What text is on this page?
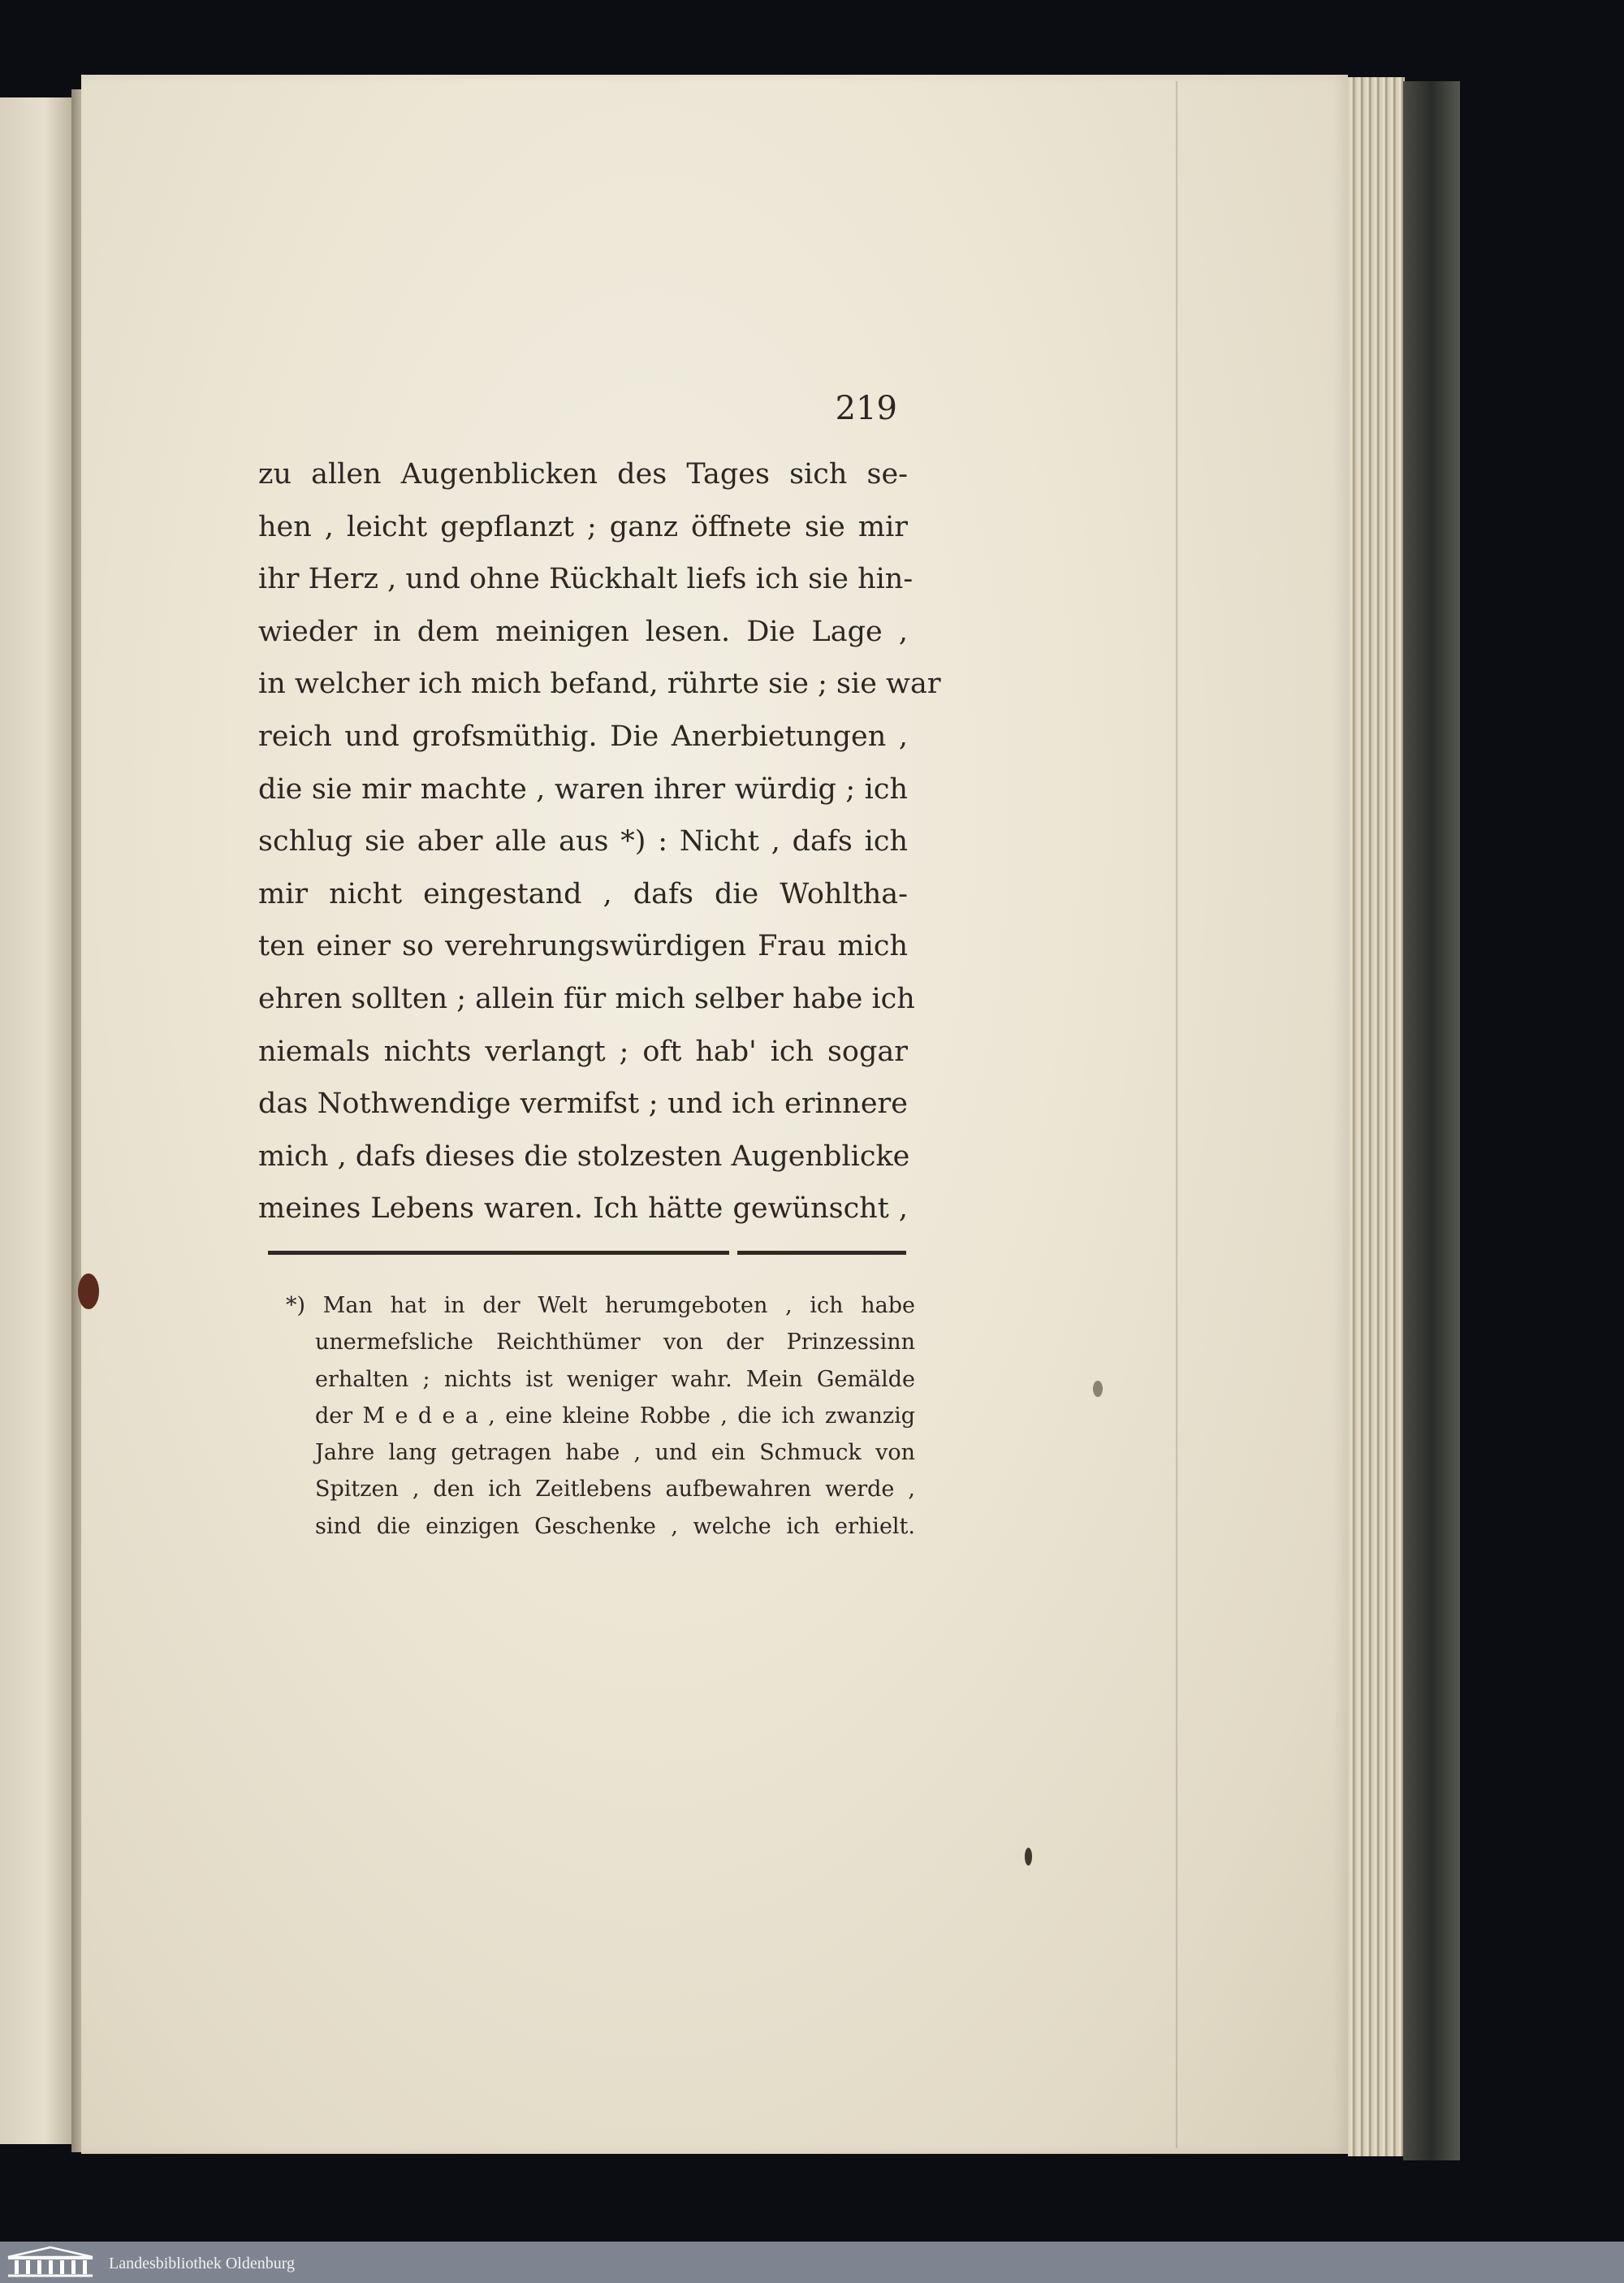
219

zu allen Augenblicken des Tages sich se-
hen , leicht gepflanzt ; ganz öffnete sie mir
ihr Herz , und ohne Rückhalt liefs ich sie hin-
wieder in dem meinigen lesen. Die Lage ,
in welcher ich mich befand, rührte sie ; sie war
reich und grofsmüthig. Die Anerbietungen ,
die sie mir machte , waren ihrer würdig ; ich
schlug sie aber alle aus *) : Nicht , dafs ich
mir nicht eingestand , dafs die Wohltha-
ten einer so verehrungswürdigen Frau mich
ehren sollten ; allein für mich selber habe ich
niemals nichts verlangt ; oft hab' ich sogar
das Nothwendige vermifst ; und ich erinnere
mich , dafs dieses die stolzesten Augenblicke
meines Lebens waren. Ich hätte gewünscht ,
*) Man hat in der Welt herumgeboten , ich habe
unermefsliche Reichthümer von der Prinzessinn
erhalten ; nichts ist weniger wahr. Mein Gemälde
der M e d e a , eine kleine Robbe , die ich zwanzig
Jahre lang getragen habe , und ein Schmuck von
Spitzen , den ich Zeitlebens aufbewahren werde ,
sind die einzigen Geschenke , welche ich erhielt.
Landesbibliothek Oldenburg
